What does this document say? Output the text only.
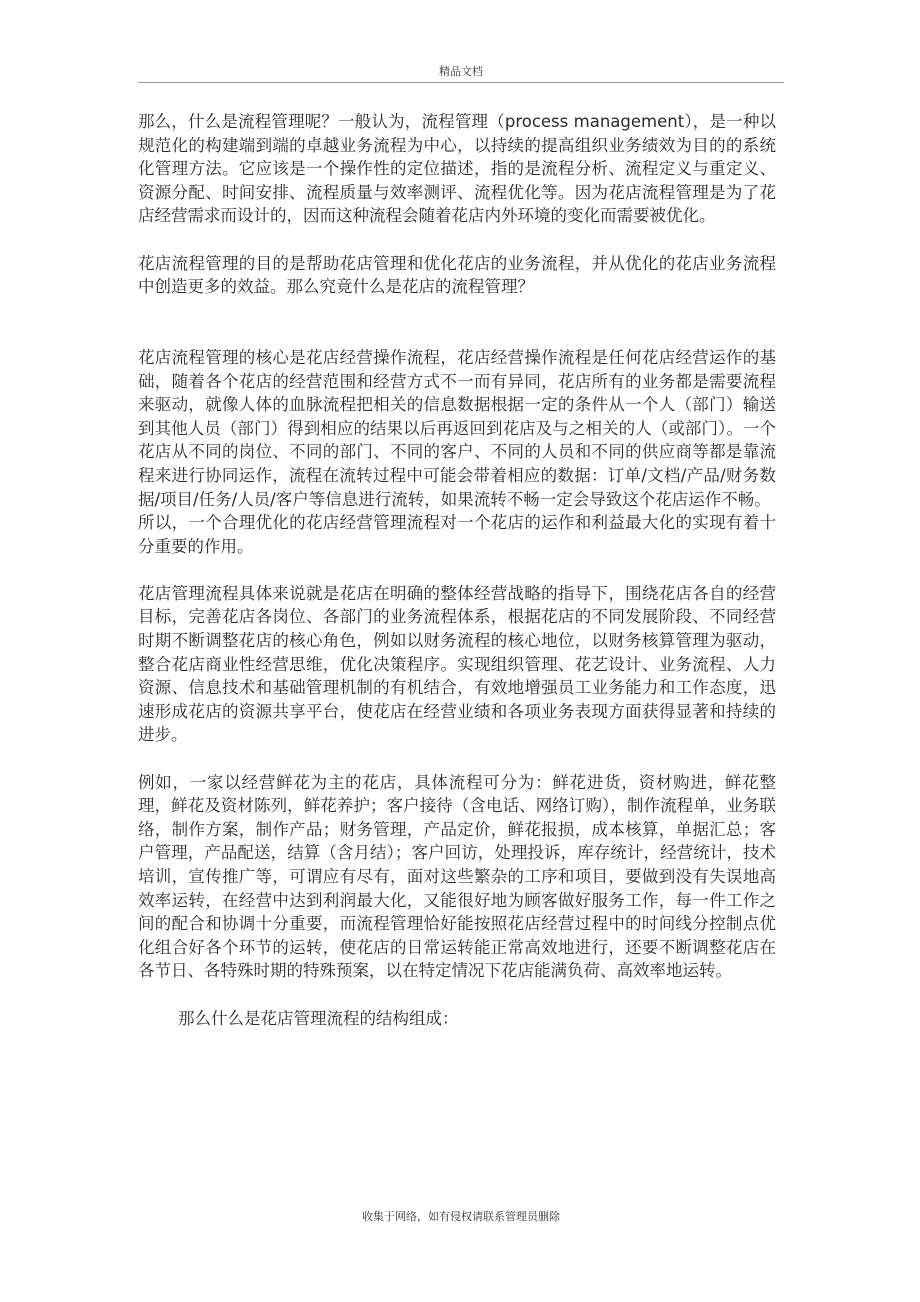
精品文档

那么，什么是流程管理呢？一般认为，流程管理（process management），是一种以规范化的构建端到端的卓越业务流程为中心，以持续的提高组织业务绩效为目的的系统化管理方法。它应该是一个操作性的定位描述，指的是流程分析、流程定义与重定义、资源分配、时间安排、流程质量与效率测评、流程优化等。因为花店流程管理是为了花店经营需求而设计的，因而这种流程会随着花店内外环境的变化而需要被优化。

花店流程管理的目的是帮助花店管理和优化花店的业务流程，并从优化的花店业务流程中创造更多的效益。那么究竟什么是花店的流程管理？

花店流程管理的核心是花店经营操作流程，花店经营操作流程是任何花店经营运作的基础，随着各个花店的经营范围和经营方式不一而有异同，花店所有的业务都是需要流程来驱动，就像人体的血脉流程把相关的信息数据根据一定的条件从一个人（部门）输送到其他人员（部门）得到相应的结果以后再返回到花店及与之相关的人（或部门）。一个花店从不同的岗位、不同的部门、不同的客户、不同的人员和不同的供应商等都是靠流程来进行协同运作，流程在流转过程中可能会带着相应的数据：订单/文档/产品/财务数据/项目/任务/人员/客户等信息进行流转，如果流转不畅一定会导致这个花店运作不畅。

所以，一个合理优化的花店经营管理流程对一个花店的运作和利益最大化的实现有着十分重要的作用。

花店管理流程具体来说就是花店在明确的整体经营战略的指导下，围绕花店各自的经营目标，完善花店各岗位、各部门的业务流程体系，根据花店的不同发展阶段、不同经营时期不断调整花店的核心角色，例如以财务流程的核心地位，以财务核算管理为驱动，整合花店商业性经营思维，优化决策程序。实现组织管理、花艺设计、业务流程、人力资源、信息技术和基础管理机制的有机结合，有效地增强员工业务能力和工作态度，迅速形成花店的资源共享平台，使花店在经营业绩和各项业务表现方面获得显著和持续的进步。

例如，一家以经营鲜花为主的花店，具体流程可分为：鲜花进货，资材购进，鲜花整理，鲜花及资材陈列，鲜花养护；客户接待（含电话、网络订购），制作流程单，业务联络，制作方案，制作产品；财务管理，产品定价，鲜花报损，成本核算，单据汇总；客户管理，产品配送，结算（含月结）；客户回访，处理投诉，库存统计，经营统计，技术培训，宣传推广等，可谓应有尽有，面对这些繁杂的工序和项目，要做到没有失误地高效率运转，在经营中达到利润最大化，又能很好地为顾客做好服务工作，每一件工作之间的配合和协调十分重要，而流程管理恰好能按照花店经营过程中的时间线分控制点优化组合好各个环节的运转，使花店的日常运转能正常高效地进行，还要不断调整花店在各节日、各特殊时期的特殊预案，以在特定情况下花店能满负荷、高效率地运转。

那么什么是花店管理流程的结构组成：

收集于网络，如有侵权请联系管理员删除
